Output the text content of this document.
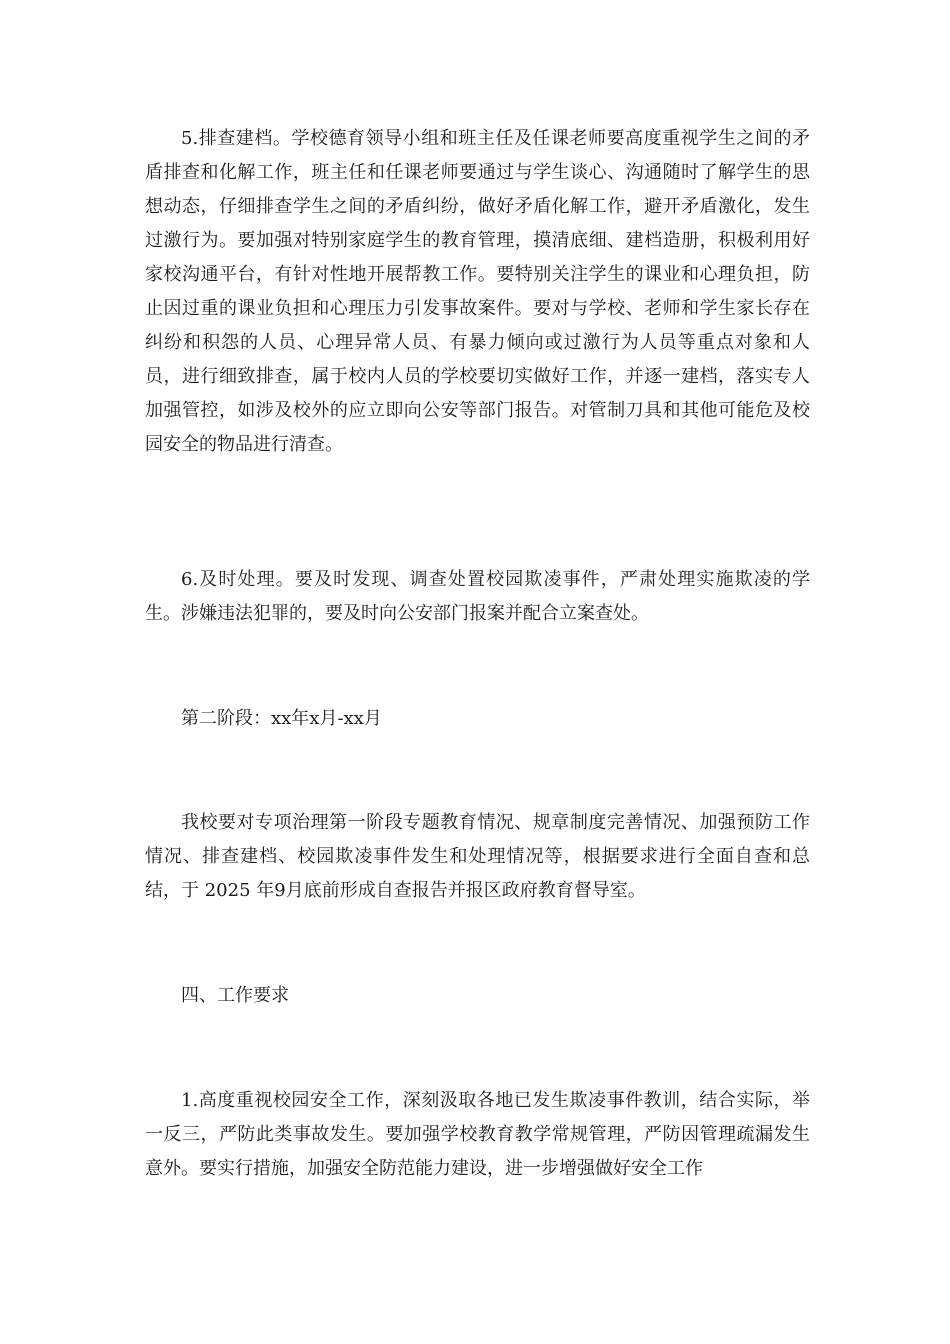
5.排查建档。学校德育领导小组和班主任及任课老师要高度重视学生之间的矛盾排查和化解工作，班主任和任课老师要通过与学生谈心、沟通随时了解学生的思想动态，仔细排查学生之间的矛盾纠纷，做好矛盾化解工作，避开矛盾激化，发生过激行为。要加强对特别家庭学生的教育管理，摸清底细、建档造册，积极利用好家校沟通平台，有针对性地开展帮教工作。要特别关注学生的课业和心理负担，防止因过重的课业负担和心理压力引发事故案件。要对与学校、老师和学生家长存在纠纷和积怨的人员、心理异常人员、有暴力倾向或过激行为人员等重点对象和人员，进行细致排查，属于校内人员的学校要切实做好工作，并逐一建档，落实专人加强管控，如涉及校外的应立即向公安等部门报告。对管制刀具和其他可能危及校园安全的物品进行清查。

6.及时处理。要及时发现、调查处置校园欺凌事件，严肃处理实施欺凌的学生。涉嫌违法犯罪的，要及时向公安部门报案并配合立案查处。

第二阶段：xx年x月-xx月

我校要对专项治理第一阶段专题教育情况、规章制度完善情况、加强预防工作情况、排查建档、校园欺凌事件发生和处理情况等，根据要求进行全面自查和总结，于 2025 年9月底前形成自查报告并报区政府教育督导室。

四、工作要求

1.高度重视校园安全工作，深刻汲取各地已发生欺凌事件教训，结合实际，举一反三，严防此类事故发生。要加强学校教育教学常规管理，严防因管理疏漏发生意外。要实行措施，加强安全防范能力建设，进一步增强做好安全工作
